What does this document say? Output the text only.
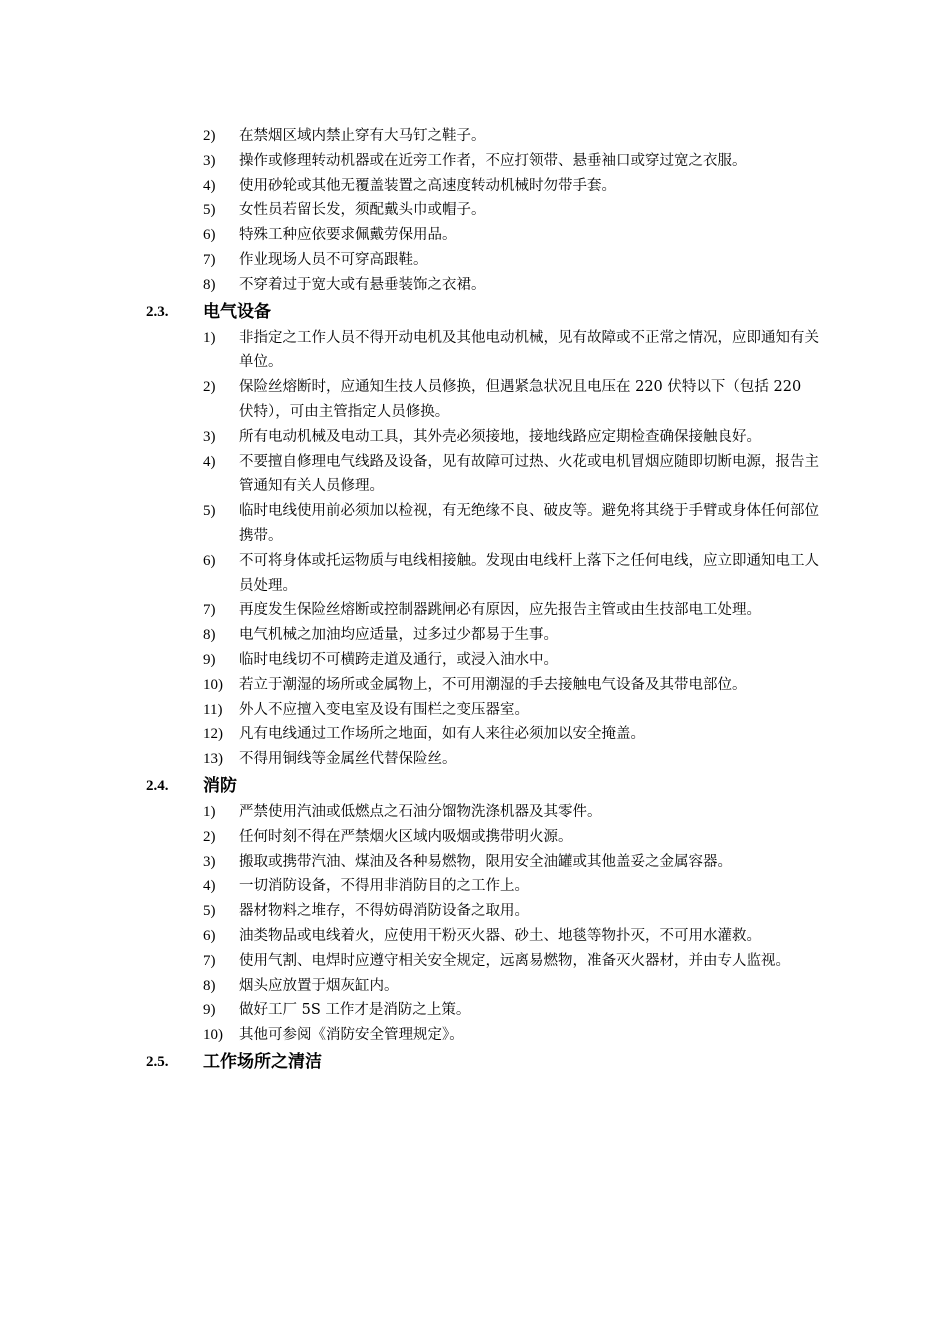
2) 在禁烟区域内禁止穿有大马钉之鞋子。
3) 操作或修理转动机器或在近旁工作者，不应打领带、悬垂袖口或穿过宽之衣服。
4) 使用砂轮或其他无覆盖装置之高速度转动机械时勿带手套。
5) 女性员若留长发，须配戴头巾或帽子。
6) 特殊工种应依要求佩戴劳保用品。
7) 作业现场人员不可穿高跟鞋。
8) 不穿着过于宽大或有悬垂装饰之衣裙。
2.3. 电气设备
1) 非指定之工作人员不得开动电机及其他电动机械，见有故障或不正常之情况，应即通知有关单位。
2) 保险丝熔断时，应通知生技人员修换，但遇紧急状况且电压在 220 伏特以下（包括 220 伏特），可由主管指定人员修换。
3) 所有电动机械及电动工具，其外壳必须接地，接地线路应定期检查确保接触良好。
4) 不要擅自修理电气线路及设备，见有故障可过热、火花或电机冒烟应随即切断电源，报告主管通知有关人员修理。
5) 临时电线使用前必须加以检视，有无绝缘不良、破皮等。避免将其绕于手臂或身体任何部位携带。
6) 不可将身体或托运物质与电线相接触。发现由电线杆上落下之任何电线，应立即通知电工人员处理。
7) 再度发生保险丝熔断或控制器跳闸必有原因，应先报告主管或由生技部电工处理。
8) 电气机械之加油均应适量，过多过少都易于生事。
9) 临时电线切不可横跨走道及通行，或浸入油水中。
10) 若立于潮湿的场所或金属物上，不可用潮湿的手去接触电气设备及其带电部位。
11) 外人不应擅入变电室及设有围栏之变压器室。
12) 凡有电线通过工作场所之地面，如有人来往必须加以安全掩盖。
13) 不得用铜线等金属丝代替保险丝。
2.4. 消防
1) 严禁使用汽油或低燃点之石油分馏物洗涤机器及其零件。
2) 任何时刻不得在严禁烟火区域内吸烟或携带明火源。
3) 搬取或携带汽油、煤油及各种易燃物，限用安全油罐或其他盖妥之金属容器。
4) 一切消防设备，不得用非消防目的之工作上。
5) 器材物料之堆存，不得妨碍消防设备之取用。
6) 油类物品或电线着火，应使用干粉灭火器、砂土、地毯等物扑灭，不可用水灌救。
7) 使用气割、电焊时应遵守相关安全规定，远离易燃物，准备灭火器材，并由专人监视。
8) 烟头应放置于烟灰缸内。
9) 做好工厂 5S 工作才是消防之上策。
10) 其他可参阅《消防安全管理规定》。
2.5. 工作场所之清洁
